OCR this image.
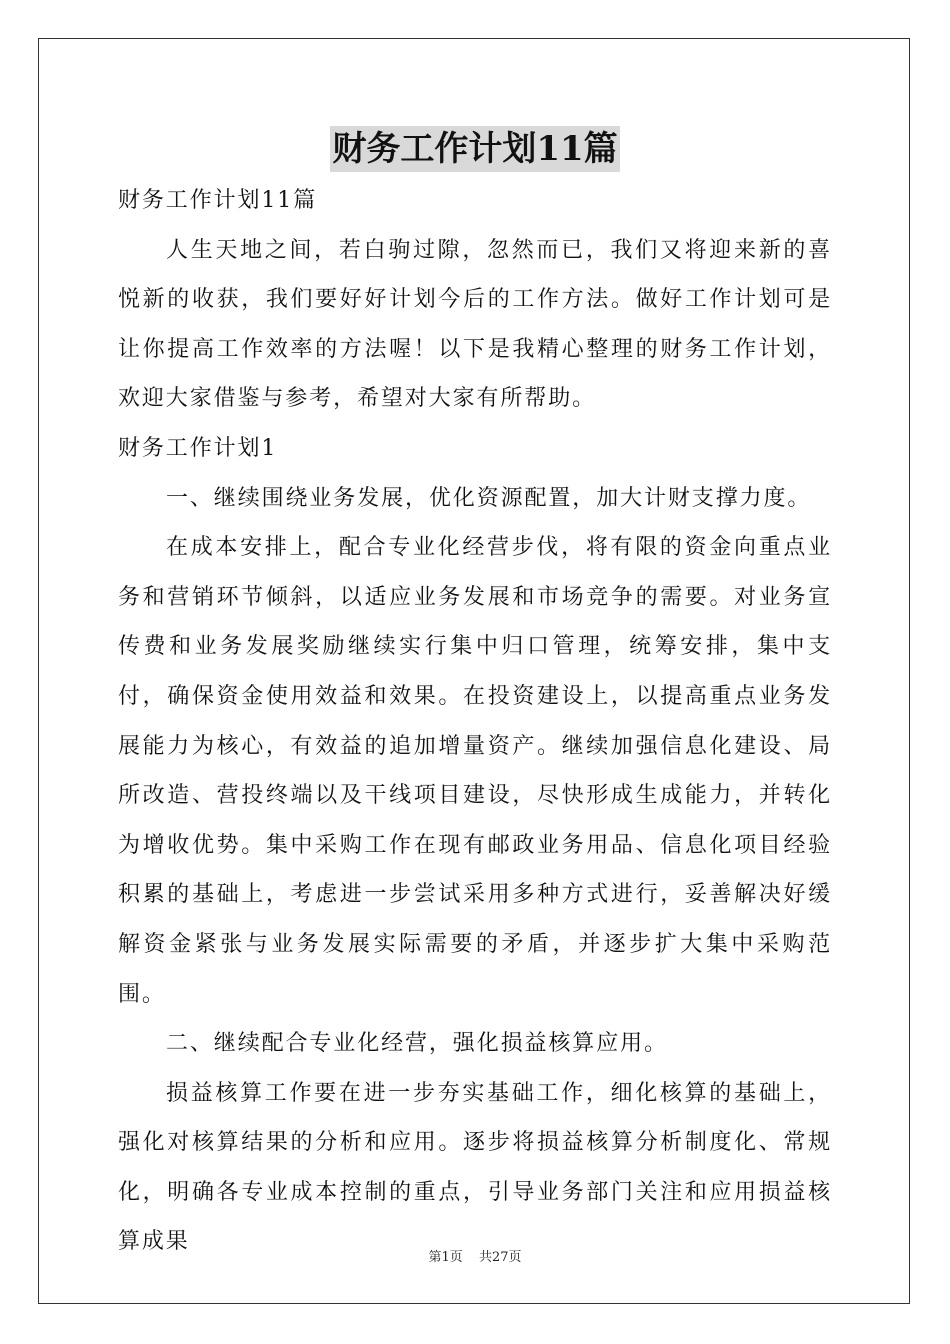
财务工作计划11篇

财务工作计划11篇

人生天地之间，若白驹过隙，忽然而已，我们又将迎来新的喜悦新的收获，我们要好好计划今后的工作方法。做好工作计划可是让你提高工作效率的方法喔！以下是我精心整理的财务工作计划，欢迎大家借鉴与参考，希望对大家有所帮助。

财务工作计划1

一、继续围绕业务发展，优化资源配置，加大计财支撑力度。

在成本安排上，配合专业化经营步伐，将有限的资金向重点业务和营销环节倾斜，以适应业务发展和市场竞争的需要。对业务宣传费和业务发展奖励继续实行集中归口管理，统筹安排，集中支付，确保资金使用效益和效果。在投资建设上，以提高重点业务发展能力为核心，有效益的追加增量资产。继续加强信息化建设、局所改造、营投终端以及干线项目建设，尽快形成生成能力，并转化为增收优势。集中采购工作在现有邮政业务用品、信息化项目经验积累的基础上，考虑进一步尝试采用多种方式进行，妥善解决好缓解资金紧张与业务发展实际需要的矛盾，并逐步扩大集中采购范围。

二、继续配合专业化经营，强化损益核算应用。

损益核算工作要在进一步夯实基础工作，细化核算的基础上，强化对核算结果的分析和应用。逐步将损益核算分析制度化、常规化，明确各专业成本控制的重点，引导业务部门关注和应用损益核算成果

第1页 共27页
